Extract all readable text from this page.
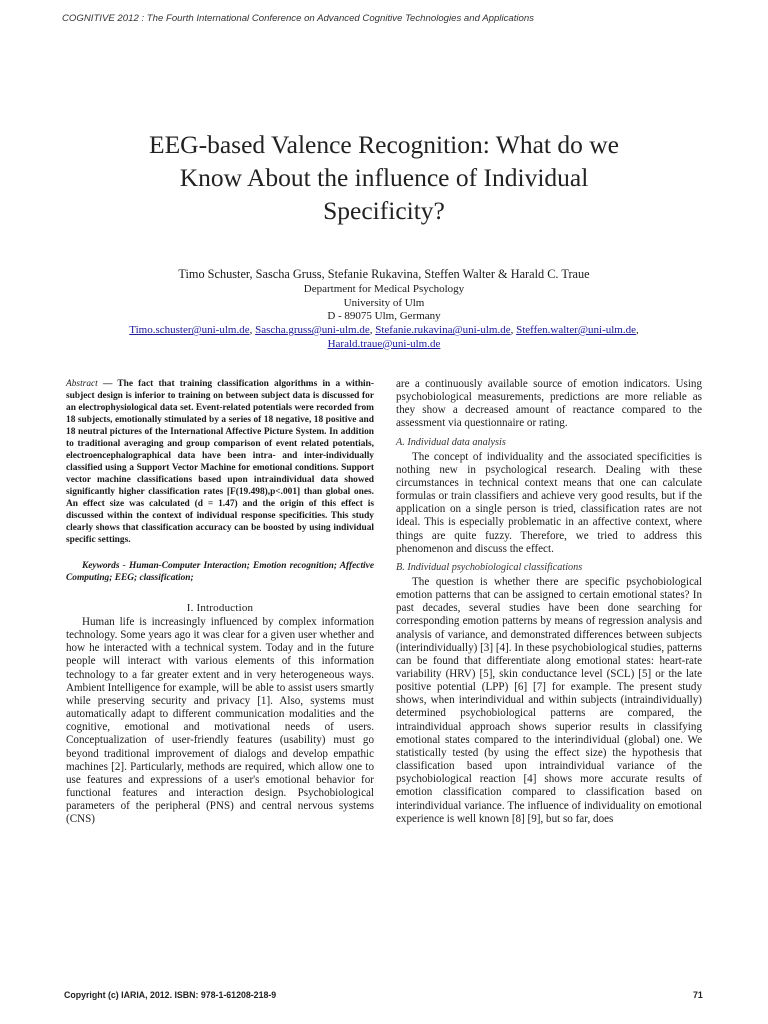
COGNITIVE 2012 : The Fourth International Conference on Advanced Cognitive Technologies and Applications
EEG-based Valence Recognition: What do we
Know About the influence of Individual
Specificity?
Timo Schuster, Sascha Gruss, Stefanie Rukavina, Steffen Walter & Harald C. Traue
Department for Medical Psychology
University of Ulm
D - 89075 Ulm, Germany
Timo.schuster@uni-ulm.de, Sascha.gruss@uni-ulm.de, Stefanie.rukavina@uni-ulm.de, Steffen.walter@uni-ulm.de,
Harald.traue@uni-ulm.de

Abstract — The fact that training classification algorithms in a within-subject design is inferior to training on between subject data is discussed for an electrophysiological data set. Event-related potentials were recorded from 18 subjects, emotionally stimulated by a series of 18 negative, 18 positive and 18 neutral pictures of the International Affective Picture System. In addition to traditional averaging and group comparison of event related potentials, electroencephalographical data have been intra- and inter-individually classified using a Support Vector Machine for emotional conditions. Support vector machine classifications based upon intraindividual data showed significantly higher classification rates [F(19.498),p<.001] than global ones. An effect size was calculated (d = 1.47) and the origin of this effect is discussed within the context of individual response specificities. This study clearly shows that classification accuracy can be boosted by using individual specific settings.

Keywords - Human-Computer Interaction; Emotion recognition; Affective Computing; EEG; classification;

I. Introduction

Human life is increasingly influenced by complex information technology. Some years ago it was clear for a given user whether and how he interacted with a technical system. Today and in the future people will interact with various elements of this information technology to a far greater extent and in very heterogeneous ways. Ambient Intelligence for example, will be able to assist users smartly while preserving security and privacy [1]. Also, systems must automatically adapt to different communication modalities and the cognitive, emotional and motivational needs of users. Conceptualization of user-friendly features (usability) must go beyond traditional improvement of dialogs and develop empathic machines [2]. Particularly, methods are required, which allow one to use features and expressions of a user's emotional behavior for functional features and interaction design. Psychobiological parameters of the peripheral (PNS) and central nervous systems (CNS)

are a continuously available source of emotion indicators. Using psychobiological measurements, predictions are more reliable as they show a decreased amount of reactance compared to the assessment via questionnaire or rating.

A. Individual data analysis

The concept of individuality and the associated specificities is nothing new in psychological research. Dealing with these circumstances in technical context means that one can calculate formulas or train classifiers and achieve very good results, but if the application on a single person is tried, classification rates are not ideal. This is especially problematic in an affective context, where things are quite fuzzy. Therefore, we tried to address this phenomenon and discuss the effect.

B. Individual psychobiological classifications

The question is whether there are specific psychobiological emotion patterns that can be assigned to certain emotional states? In past decades, several studies have been done searching for corresponding emotion patterns by means of regression analysis and analysis of variance, and demonstrated differences between subjects (interindividually) [3] [4]. In these psychobiological studies, patterns can be found that differentiate along emotional states: heart-rate variability (HRV) [5], skin conductance level (SCL) [5] or the late positive potential (LPP) [6] [7] for example. The present study shows, when interindividual and within subjects (intraindividually) determined psychobiological patterns are compared, the intraindividual approach shows superior results in classifying emotional states compared to the interindividual (global) one. We statistically tested (by using the effect size) the hypothesis that classification based upon intraindividual variance of the psychobiological reaction [4] shows more accurate results of emotion classification compared to classification based on interindividual variance. The influence of individuality on emotional experience is well known [8] [9], but so far, does

Copyright (c) IARIA, 2012. ISBN: 978-1-61208-218-9	71
